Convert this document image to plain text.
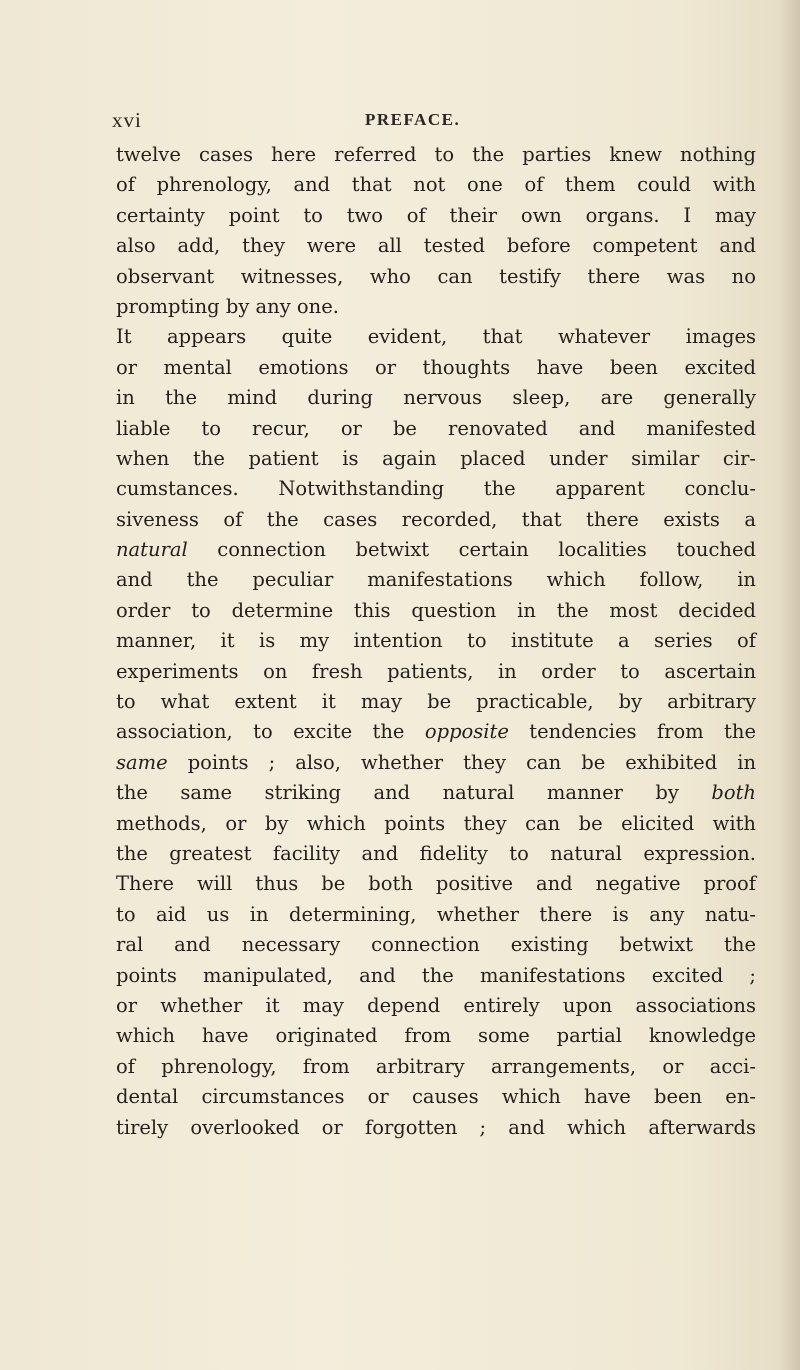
xvi	PREFACE.
twelve cases here referred to the parties knew nothing
of phrenology, and that not one of them could with
certainty point to two of their own organs. I may
also add, they were all tested before competent and
observant witnesses, who can testify there was no
prompting by any one.
It appears quite evident, that whatever images
or mental emotions or thoughts have been excited
in the mind during nervous sleep, are generally
liable to recur, or be renovated and manifested
when the patient is again placed under similar cir-
cumstances. Notwithstanding the apparent conclu-
siveness of the cases recorded, that there exists a
natural connection betwixt certain localities touched
and the peculiar manifestations which follow, in
order to determine this question in the most decided
manner, it is my intention to institute a series of
experiments on fresh patients, in order to ascertain
to what extent it may be practicable, by arbitrary
association, to excite the opposite tendencies from the
same points ; also, whether they can be exhibited in
the same striking and natural manner by both
methods, or by which points they can be elicited with
the greatest facility and fidelity to natural expression.
There will thus be both positive and negative proof
to aid us in determining, whether there is any natu-
ral and necessary connection existing betwixt the
points manipulated, and the manifestations excited ;
or whether it may depend entirely upon associations
which have originated from some partial knowledge
of phrenology, from arbitrary arrangements, or acci-
dental circumstances or causes which have been en-
tirely overlooked or forgotten ; and which afterwards
